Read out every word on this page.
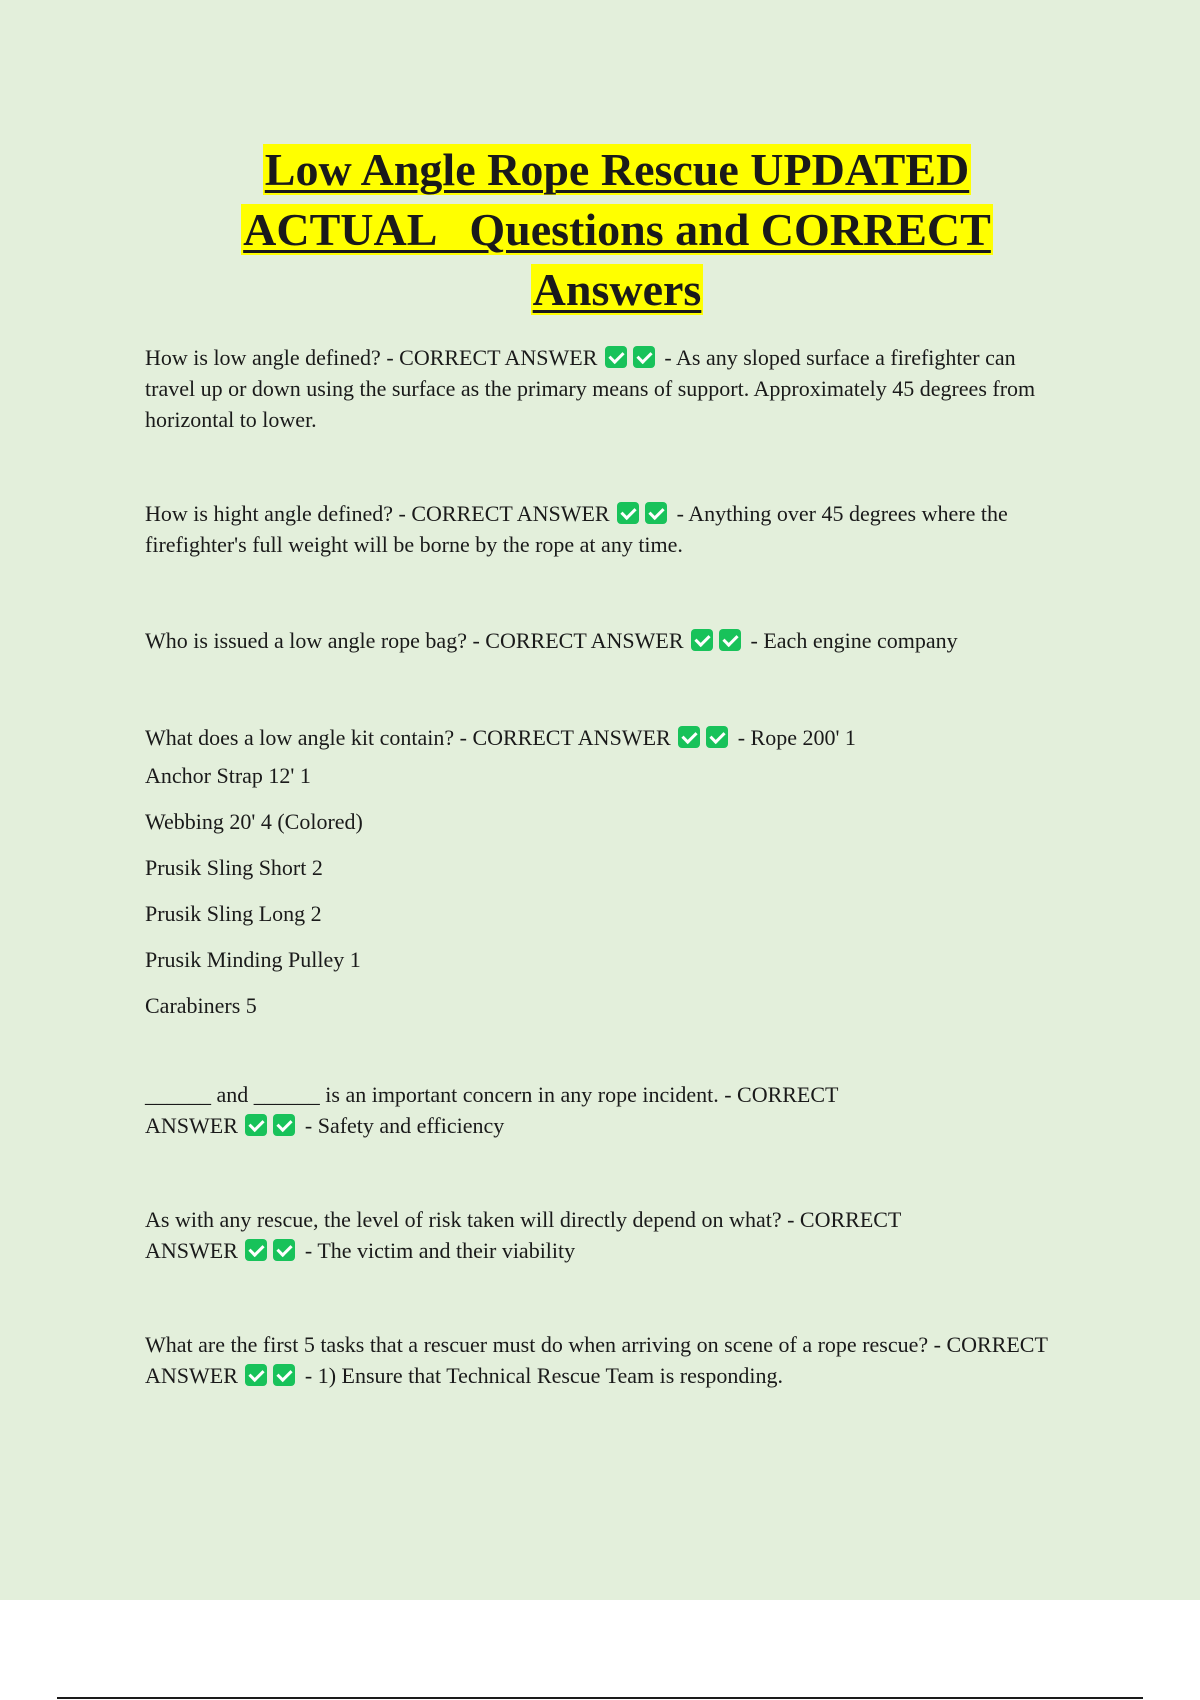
Low Angle Rope Rescue UPDATED
ACTUAL   Questions and CORRECT
Answers

How is low angle defined? - CORRECT ANSWER	- As any sloped surface a firefighter can travel up or down using the surface as the primary means of support. Approximately 45 degrees from horizontal to lower.

How is hight angle defined? - CORRECT ANSWER	- Anything over 45 degrees where the firefighter's full weight will be borne by the rope at any time.

Who is issued a low angle rope bag? - CORRECT ANSWER	- Each engine company

What does a low angle kit contain? - CORRECT ANSWER	- Rope 200' 1

Anchor Strap 12' 1

Webbing 20' 4 (Colored)

Prusik Sling Short 2

Prusik Sling Long 2

Prusik Minding Pulley 1

Carabiners 5

______ and ______ is an important concern in any rope incident. - CORRECT ANSWER	- Safety and efficiency

As with any rescue, the level of risk taken will directly depend on what? - CORRECT ANSWER	- The victim and their viability

What are the first 5 tasks that a rescuer must do when arriving on scene of a rope rescue? - CORRECT ANSWER	- 1) Ensure that Technical Rescue Team is responding.
